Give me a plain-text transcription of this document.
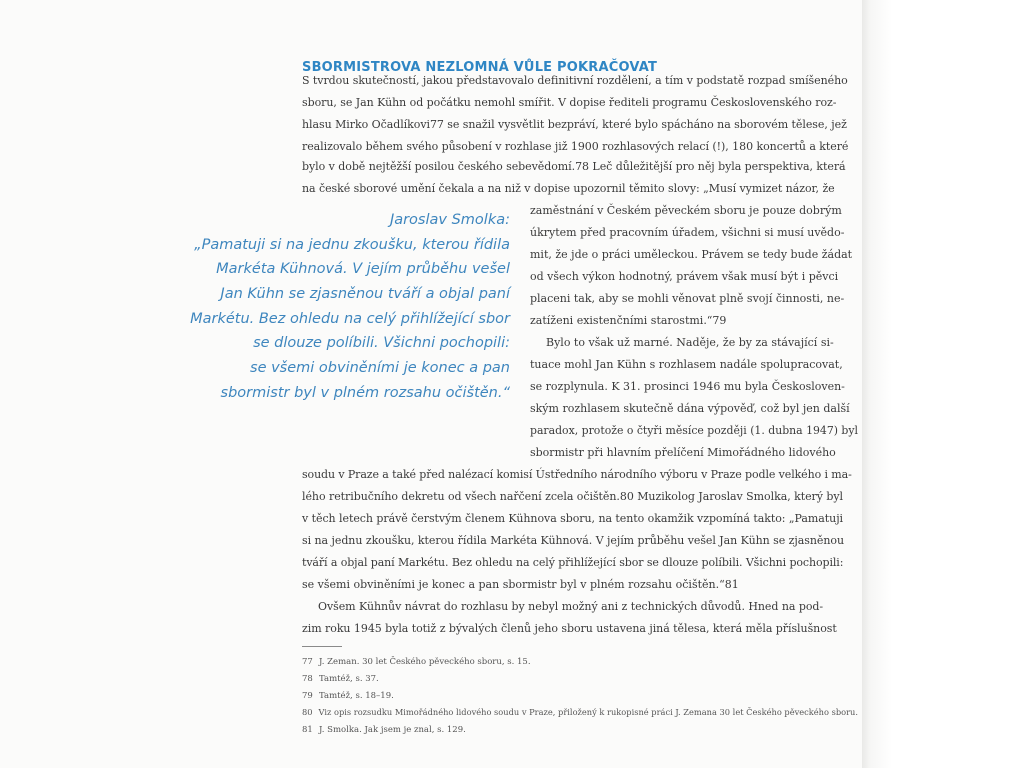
SBORMISTROVA NEZLOMNÁ VŮLE POKRAČOVAT
S tvrdou skutečností, jakou představovalo definitivní rozdělení, a tím v podstatě rozpad smíšeného
sboru, se Jan Kühn od počátku nemohl smířit. V dopise řediteli programu Československého roz-
hlasu Mirko Očadlíkovi77 se snažil vysvětlit bezpráví, které bylo spácháno na sborovém tělese, jež
realizovalo během svého působení v rozhlase již 1900 rozhlasových relací (!), 180 koncertů a které
bylo v době nejtěžší posilou českého sebevědomí.78 Leč důležitější pro něj byla perspektiva, která
na české sborové umění čekala a na niž v dopise upozornil těmito slovy: „Musí vymizet názor, že
zaměstnání v Českém pěveckém sboru je pouze dobrým
úkrytem před pracovním úřadem, všichni si musí uvědo-
mit, že jde o práci uměleckou. Právem se tedy bude žádat
od všech výkon hodnotný, právem však musí být i pěvci
placeni tak, aby se mohli věnovat plně svojí činnosti, ne-
zatíženi existenčními starostmi.“79
Bylo to však už marné. Naděje, že by za stávající si-
tuace mohl Jan Kühn s rozhlasem nadále spolupracovat,
se rozplynula. K 31. prosinci 1946 mu byla Českosloven-
ským rozhlasem skutečně dána výpověď, což byl jen další
paradox, protože o čtyři měsíce později (1. dubna 1947) byl
sbormistr při hlavním přelíčení Mimořádného lidového
soudu v Praze a také před nalézací komisí Ústředního národního výboru v Praze podle velkého i ma-
lého retribučního dekretu od všech nařčení zcela očištěn.80 Muzikolog Jaroslav Smolka, který byl
v těch letech právě čerstvým členem Kühnova sboru, na tento okamžik vzpomíná takto: „Pamatuji
si na jednu zkoušku, kterou řídila Markéta Kühnová. V jejím průběhu vešel Jan Kühn se zjasněnou
tváří a objal paní Markétu. Bez ohledu na celý přihlížející sbor se dlouze políbili. Všichni pochopili:
se všemi obviněními je konec a pan sbormistr byl v plném rozsahu očištěn.“81
Ovšem Kühnův návrat do rozhlasu by nebyl možný ani z technických důvodů. Hned na pod-
zim roku 1945 byla totiž z bývalých členů jeho sboru ustavena jiná tělesa, která měla příslušnost
Jaroslav Smolka:
„Pamatuji si na jednu zkoušku, kterou řídila
Markéta Kühnová. V jejím průběhu vešel
Jan Kühn se zjasněnou tváří a objal paní
Markétu. Bez ohledu na celý přihlížející sbor
se dlouze políbili. Všichni pochopili:
se všemi obviněními je konec a pan
sbormistr byl v plném rozsahu očištěn.“
77 J. Zeman. 30 let Českého pěveckého sboru, s. 15.
78 Tamtéž, s. 37.
79 Tamtéž, s. 18–19.
80 Viz opis rozsudku Mimořádného lidového soudu v Praze, přiložený k rukopisné práci J. Zemana 30 let Českého pěveckého sboru.
81 J. Smolka. Jak jsem je znal, s. 129.
